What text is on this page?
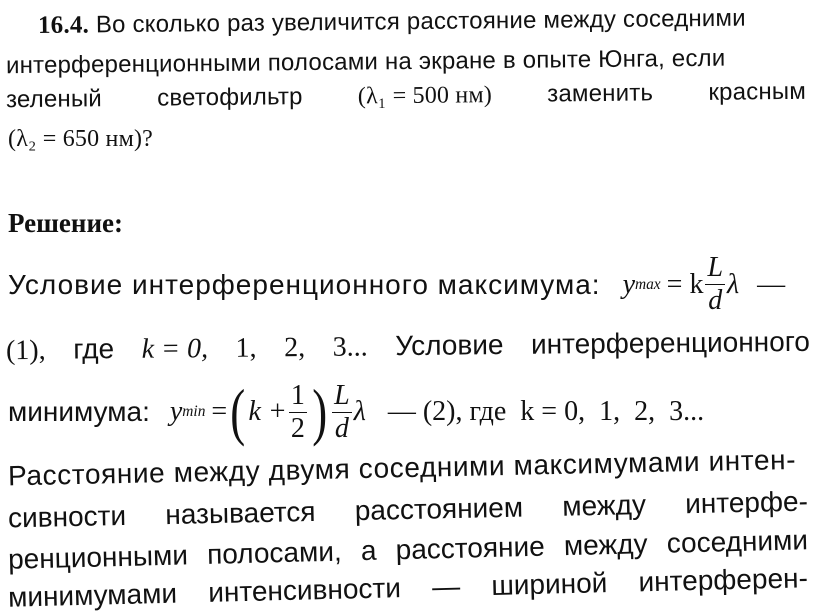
16.4. Во сколько раз увеличится расстояние между соседними
интерференционными полосами на экране в опыте Юнга, если
зеленый светофильтр (λ₁ = 500 нм) заменить красным
(λ₂ = 650 нм)?
Решение:
Условие интерференционного максимума: y max = k $\frac{L}{d}$ λ —
(1), где k = 0, 1, 2, 3... Условие интерференционного
минимума: y min = ( $k + \frac{1}{2}$ ) $\frac{L}{d}$ λ — (2), где  k = 0,  1,  2,  3...
Расстояние между двумя соседними максимумами интен-
сивности называется расстоянием между интерфе-
ренционными полосами, а расстояние между соседними
минимумами интенсивности — шириной интерферен-
